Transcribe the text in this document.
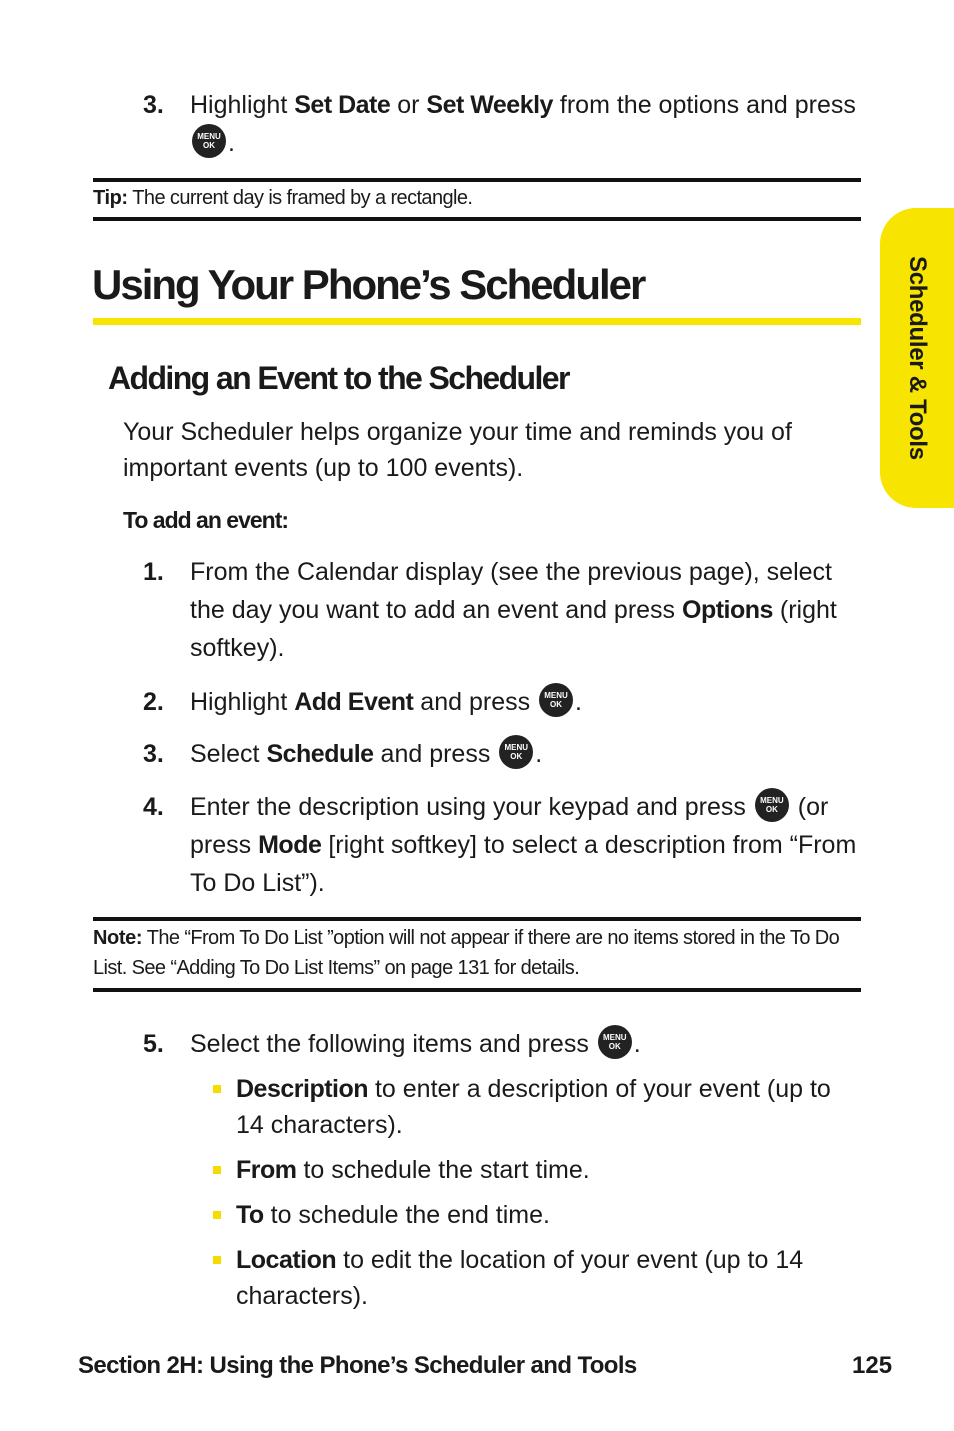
3. Highlight Set Date or Set Weekly from the options and press
MENU
OK .
Tip: The current day is framed by a rectangle.
Using Your Phone’s Scheduler
Adding an Event to the Scheduler
Your Scheduler helps organize your time and reminds you of important events (up to 100 events).
To add an event:
1. From the Calendar display (see the previous page), select the day you want to add an event and press Options (right softkey).
2. Highlight Add Event and press MENU
OK .
3. Select Schedule and press MENU
OK .
4. Enter the description using your keypad and press MENU
OK (or press Mode [right softkey] to select a description from “From To Do List”).
Note: The “From To Do List ”option will not appear if there are no items stored in the To Do List. See “Adding To Do List Items” on page 131 for details.
5. Select the following items and press MENU
OK .
Description to enter a description of your event (up to 14 characters).
From to schedule the start time.
To to schedule the end time.
Location to edit the location of your event (up to 14 characters).
Scheduler & Tools
Section 2H: Using the Phone’s Scheduler and Tools	125
